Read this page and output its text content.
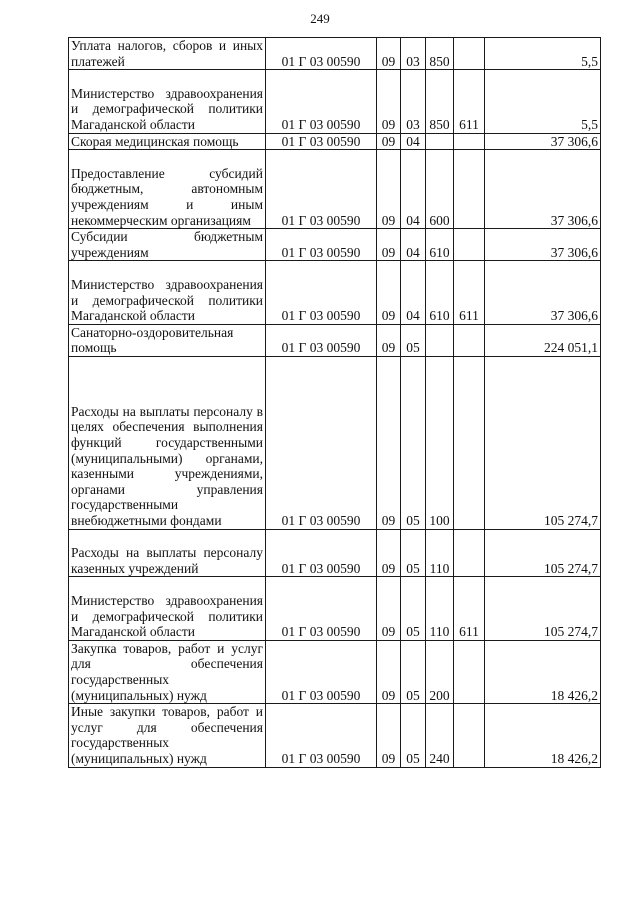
249
Уплата налогов, сборов и иных платежей	01 Г 03 00590	09	03	850		5,5

Министерство здравоохранения и демографической политики Магаданской области	01 Г 03 00590	09	03	850	611	5,5

Скорая медицинская помощь	01 Г 03 00590	09	04			37 306,6

Предоставление субсидий бюджетным, автономным учреждениям и иным некоммерческим организациям	01 Г 03 00590	09	04	600		37 306,6

Субсидии бюджетным учреждениям	01 Г 03 00590	09	04	610		37 306,6

Министерство здравоохранения и демографической политики Магаданской области	01 Г 03 00590	09	04	610	611	37 306,6

Санаторно-оздоровительная помощь	01 Г 03 00590	09	05			224 051,1

Расходы на выплаты персоналу в целях обеспечения выполнения функций государственными (муниципальными) органами, казенными учреждениями, органами управления государственными внебюджетными фондами	01 Г 03 00590	09	05	100		105 274,7

Расходы на выплаты персоналу казенных учреждений	01 Г 03 00590	09	05	110		105 274,7

Министерство здравоохранения и демографической политики Магаданской области	01 Г 03 00590	09	05	110	611	105 274,7

Закупка товаров, работ и услуг для обеспечения государственных (муниципальных) нужд	01 Г 03 00590	09	05	200		18 426,2

Иные закупки товаров, работ и услуг для обеспечения государственных (муниципальных) нужд	01 Г 03 00590	09	05	240		18 426,2
